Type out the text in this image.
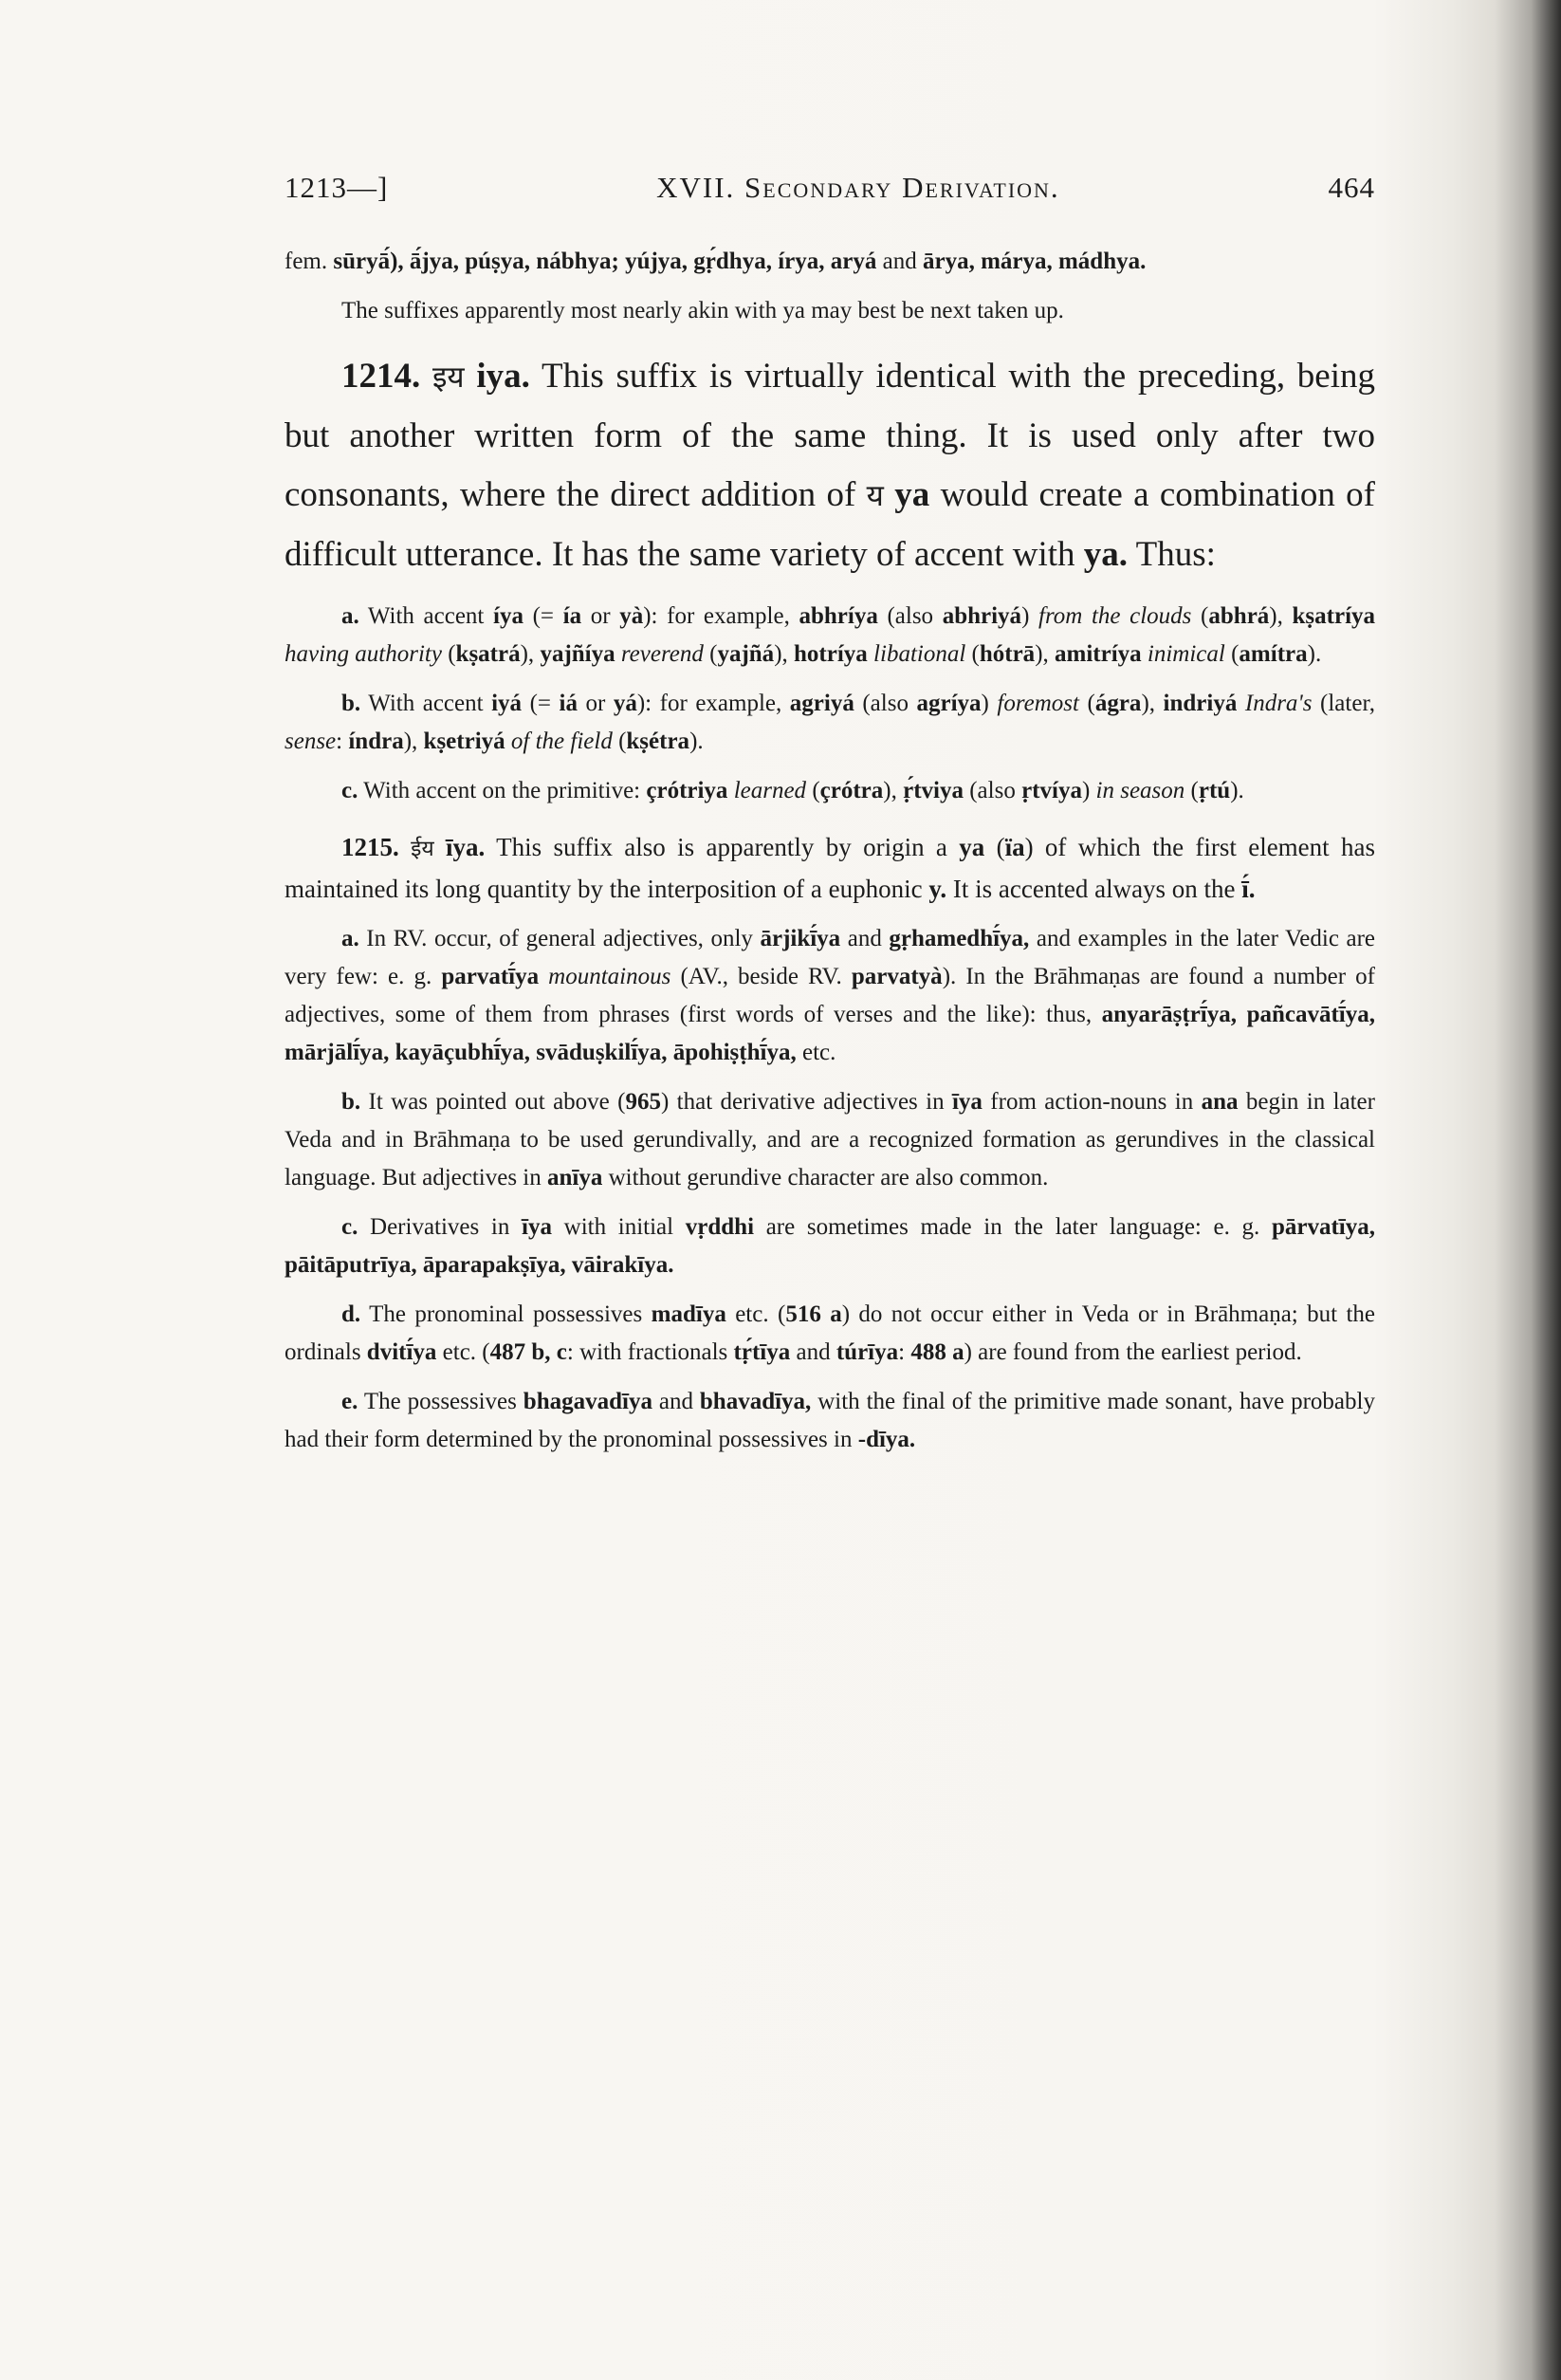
1213—]	XVII. Secondary Derivation.	464

fem. sūryā́), ā́jya, púṣya, nábhya; yújya, gṛ́dhya, írya, aryá and ārya, márya, mádhya.

The suffixes apparently most nearly akin with ya may best be next taken up.

1214. इय iya. This suffix is virtually identical with the preceding, being but another written form of the same thing. It is used only after two consonants, where the direct addition of य ya would create a combination of difficult utterance. It has the same variety of accent with ya. Thus:

a. With accent íya (= ía or yà): for example, abhríya (also abhriyá) from the clouds (abhrá), kṣatríya having authority (kṣatrá), yajñíya reverend (yajñá), hotríya libational (hótrā), amitríya inimical (amítra).

b. With accent iyá (= iá or yá): for example, agriyá (also agríya) foremost (ágra), indriyá Indra's (later, sense: índra), kṣetriyá of the field (kṣétra).

c. With accent on the primitive: çrótriya learned (çrótra), ṛ́tviya (also ṛtvíya) in season (ṛtú).

1215. ईय īya. This suffix also is apparently by origin a ya (ïa) of which the first element has maintained its long quantity by the interposition of a euphonic y. It is accented always on the ī́.

a. In RV. occur, of general adjectives, only ārjikī́ya and gṛhamedhī́ya, and examples in the later Vedic are very few: e. g. parvatī́ya mountainous (AV., beside RV. parvatyà). In the Brāhmaṇas are found a number of adjectives, some of them from phrases (first words of verses and the like): thus, anyarāṣṭrī́ya, pañcavātī́ya, mārjālī́ya, kayāçubhī́ya, svāduṣkilī́ya, āpohiṣṭhī́ya, etc.

b. It was pointed out above (965) that derivative adjectives in īya from action-nouns in ana begin in later Veda and in Brāhmaṇa to be used gerundivally, and are a recognized formation as gerundives in the classical language. But adjectives in anīya without gerundive character are also common.

c. Derivatives in īya with initial vṛddhi are sometimes made in the later language: e. g. pārvatīya, pāitāputrīya, āparapakṣīya, vāirakīya.

d. The pronominal possessives madīya etc. (516 a) do not occur either in Veda or in Brāhmaṇa; but the ordinals dvitī́ya etc. (487 b, c: with fractionals tṛ́tīya and túrīya: 488 a) are found from the earliest period.

e. The possessives bhagavadīya and bhavadīya, with the final of the primitive made sonant, have probably had their form determined by the pronominal possessives in -dīya.
